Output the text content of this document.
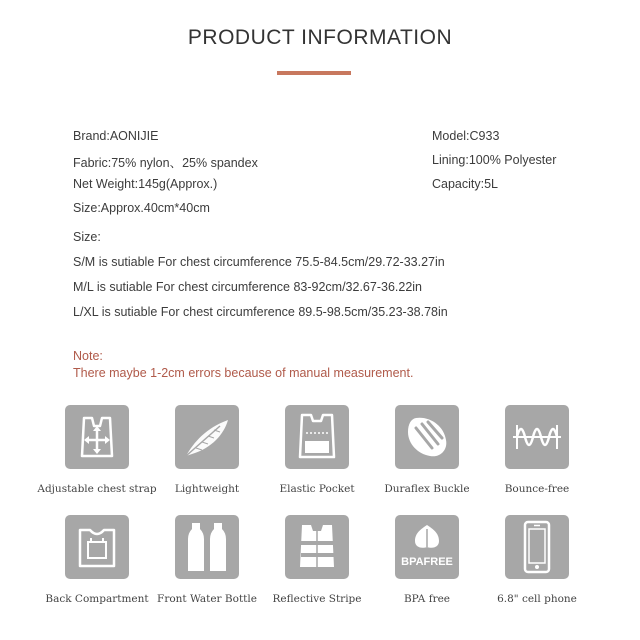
PRODUCT INFORMATION
Brand:AONIJIE
Fabric:75% nylon、25% spandex
Net Weight:145g(Approx.)
Size:Approx.40cm*40cm
Model:C933
Lining:100% Polyester
Capacity:5L
Size:
S/M is sutiable For chest circumference 75.5-84.5cm/29.72-33.27in
M/L is sutiable For chest circumference 83-92cm/32.67-36.22in
L/XL is sutiable For chest circumference 89.5-98.5cm/35.23-38.78in
Note:
There maybe 1-2cm errors because of manual measurement.
Adjustable chest strap	Lightweight	Elastic Pocket	Duraflex Buckle	Bounce-free
Back Compartment Front Water Bottle	Reflective Stripe
BPAFREE
BPA free	6.8" cell phone
